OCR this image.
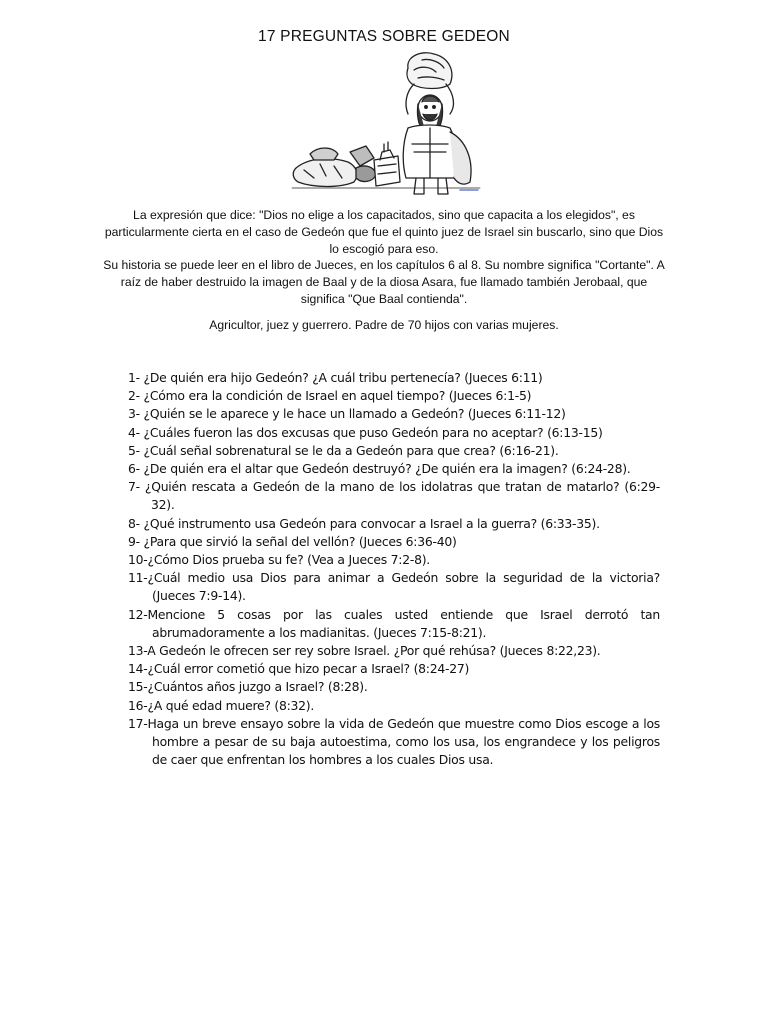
17 PREGUNTAS SOBRE GEDEON

La expresión que dice: "Dios no elige a los capacitados, sino que capacita a los elegidos", es particularmente cierta en el caso de Gedeón que fue el quinto juez de Israel sin buscarlo, sino que Dios lo escogió para eso.

Su historia se puede leer en el libro de Jueces, en los capítulos 6 al 8. Su nombre significa "Cortante". A raíz de haber destruido la imagen de Baal y de la diosa Asara, fue llamado también Jerobaal, que significa "Que Baal contienda".

Agricultor, juez y guerrero. Padre de 70 hijos con varias mujeres.
1- ¿De quién era hijo Gedeón? ¿A cuál tribu pertenecía? (Jueces 6:11)
2- ¿Cómo era la condición de Israel en aquel tiempo? (Jueces 6:1-5)
3- ¿Quién se le aparece y le hace un llamado a Gedeón? (Jueces 6:11-12)
4- ¿Cuáles fueron las dos excusas que puso Gedeón para no aceptar? (6:13-15)
5- ¿Cuál señal sobrenatural se le da a Gedeón para que crea? (6:16-21).
6- ¿De quién era el altar que Gedeón destruyó? ¿De quién era la imagen? (6:24-28).
7- ¿Quién rescata a Gedeón de la mano de los idolatras que tratan de matarlo? (6:29-32).
8- ¿Qué instrumento usa Gedeón para convocar a Israel a la guerra? (6:33-35).
9- ¿Para que sirvió la señal del vellón? (Jueces 6:36-40)
10-¿Cómo Dios prueba su fe? (Vea a Jueces 7:2-8).
11-¿Cuál medio usa Dios para animar a Gedeón sobre la seguridad de la victoria? (Jueces 7:9-14).
12-Mencione 5 cosas por las cuales usted entiende que Israel derrotó tan abrumadoramente a los madianitas. (Jueces 7:15-8:21).
13-A Gedeón le ofrecen ser rey sobre Israel. ¿Por qué rehúsa? (Jueces 8:22,23).
14-¿Cuál error cometió que hizo pecar a Israel? (8:24-27)
15-¿Cuántos años juzgo a Israel? (8:28).
16-¿A qué edad muere? (8:32).
17-Haga un breve ensayo sobre la vida de Gedeón que muestre como Dios escoge a los hombre a pesar de su baja autoestima, como los usa, los engrandece y los peligros de caer que enfrentan los hombres a los cuales Dios usa.
